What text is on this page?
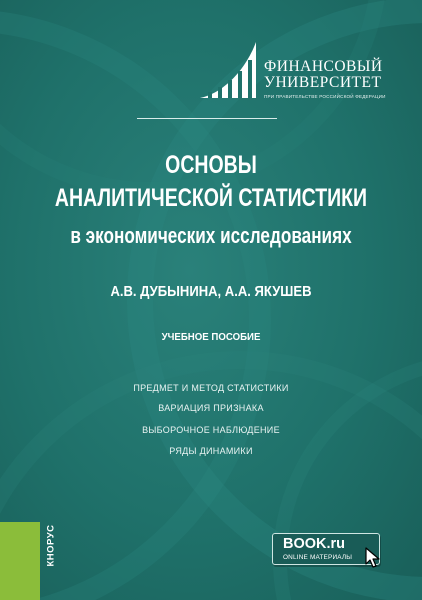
ФИНАНСОВЫЙ
УНИВЕРСИТЕТ
ПРИ ПРАВИТЕЛЬСТВЕ РОССИЙСКОЙ ФЕДЕРАЦИИ
ОСНОВЫ
АНАЛИТИЧЕСКОЙ СТАТИСТИКИ
в экономических исследованиях
А.В. ДУБЫНИНА, А.А. ЯКУШЕВ
УЧЕБНОЕ ПОСОБИЕ
ПРЕДМЕТ И МЕТОД СТАТИСТИКИ
ВАРИАЦИЯ ПРИЗНАКА
ВЫБОРОЧНОЕ НАБЛЮДЕНИЕ
РЯДЫ ДИНАМИКИ
КНОРУС	BOOK.ru
ONLINE МАТЕРИАЛЫ
